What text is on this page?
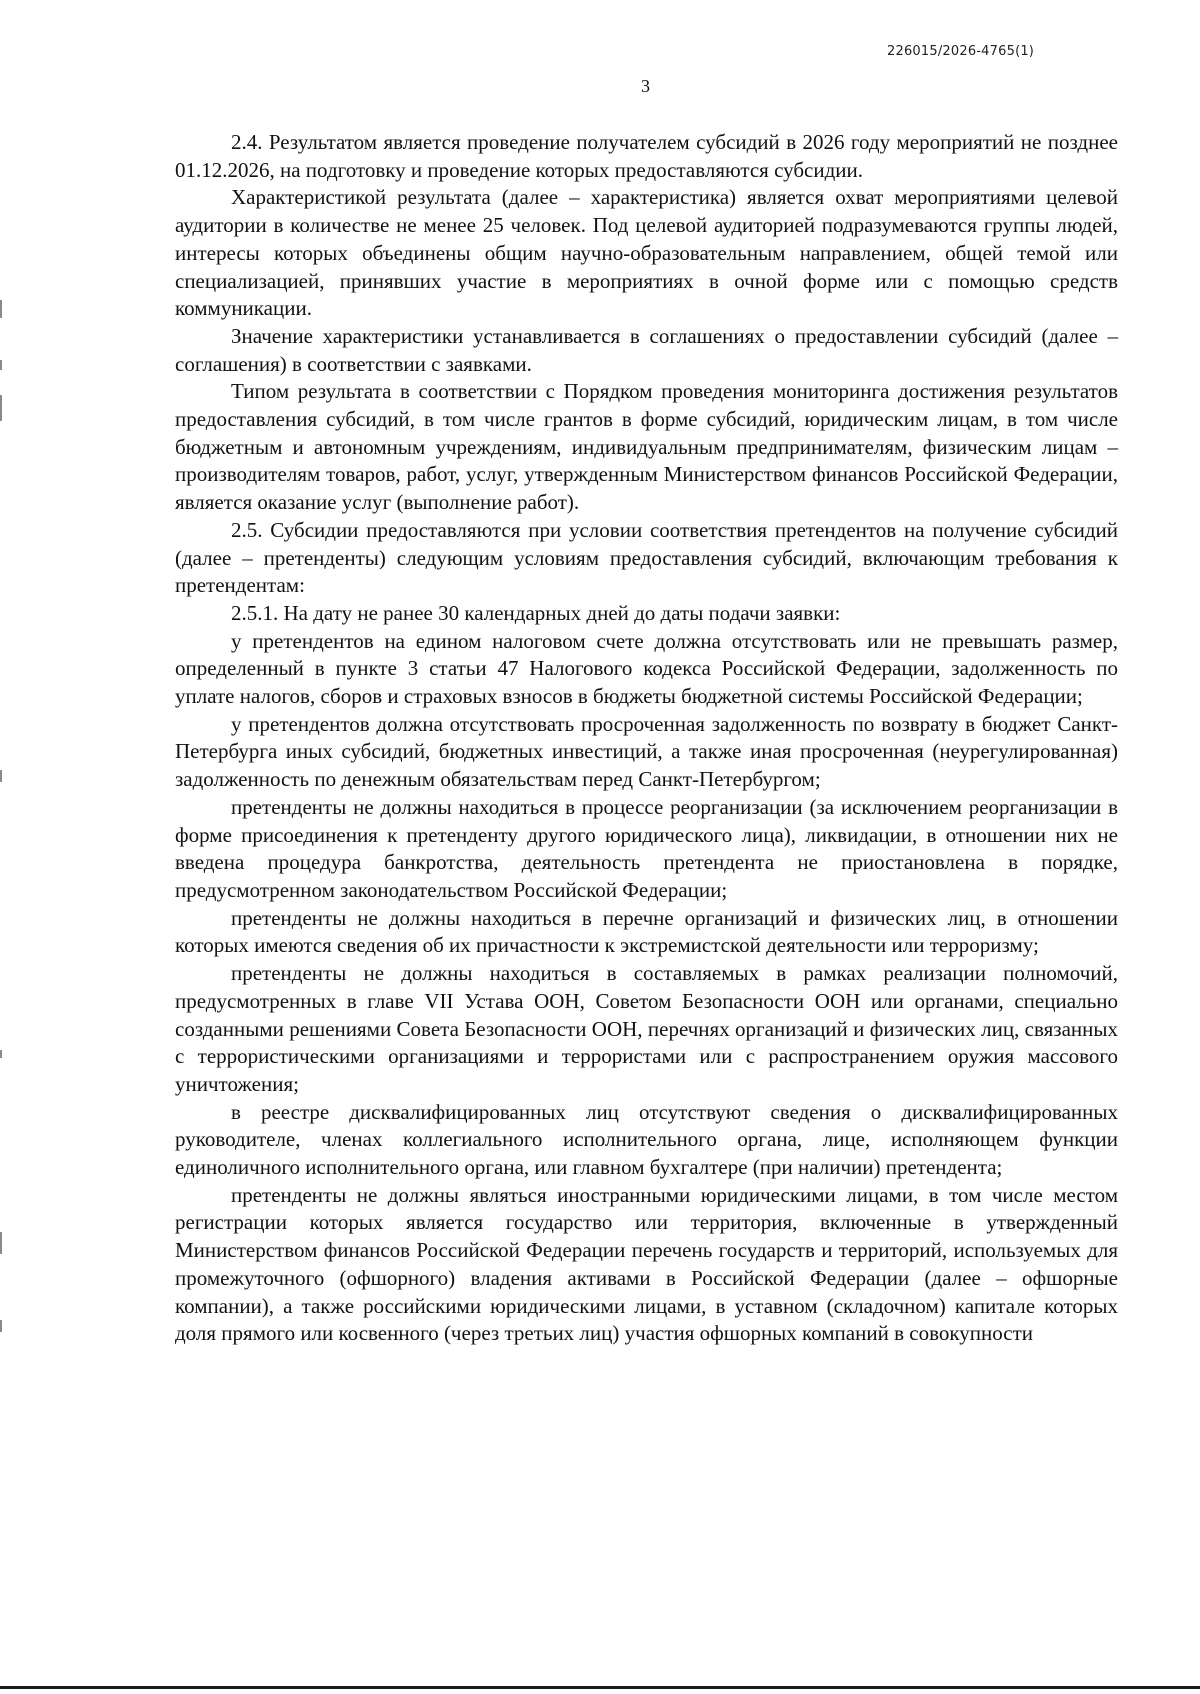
226015/2026-4765(1)
3

2.4. Результатом является проведение получателем субсидий в 2026 году мероприятий не позднее 01.12.2026, на подготовку и проведение которых предоставляются субсидии.

Характеристикой результата (далее – характеристика) является охват мероприятиями целевой аудитории в количестве не менее 25 человек. Под целевой аудиторией подразумеваются группы людей, интересы которых объединены общим научно-образовательным направлением, общей темой или специализацией, принявших участие в мероприятиях в очной форме или с помощью средств коммуникации.

Значение характеристики устанавливается в соглашениях о предоставлении субсидий (далее – соглашения) в соответствии с заявками.

Типом результата в соответствии с Порядком проведения мониторинга достижения результатов предоставления субсидий, в том числе грантов в форме субсидий, юридическим лицам, в том числе бюджетным и автономным учреждениям, индивидуальным предпринимателям, физическим лицам – производителям товаров, работ, услуг, утвержденным Министерством финансов Российской Федерации, является оказание услуг (выполнение работ).

2.5. Субсидии предоставляются при условии соответствия претендентов на получение субсидий (далее – претенденты) следующим условиям предоставления субсидий, включающим требования к претендентам:

2.5.1. На дату не ранее 30 календарных дней до даты подачи заявки:

у претендентов на едином налоговом счете должна отсутствовать или не превышать размер, определенный в пункте 3 статьи 47 Налогового кодекса Российской Федерации, задолженность по уплате налогов, сборов и страховых взносов в бюджеты бюджетной системы Российской Федерации;

у претендентов должна отсутствовать просроченная задолженность по возврату в бюджет Санкт-Петербурга иных субсидий, бюджетных инвестиций, а также иная просроченная (неурегулированная) задолженность по денежным обязательствам перед Санкт-Петербургом;

претенденты не должны находиться в процессе реорганизации (за исключением реорганизации в форме присоединения к претенденту другого юридического лица), ликвидации, в отношении них не введена процедура банкротства, деятельность претендента не приостановлена в порядке, предусмотренном законодательством Российской Федерации;

претенденты не должны находиться в перечне организаций и физических лиц, в отношении которых имеются сведения об их причастности к экстремистской деятельности или терроризму;

претенденты не должны находиться в составляемых в рамках реализации полномочий, предусмотренных в главе VII Устава ООН, Советом Безопасности ООН или органами, специально созданными решениями Совета Безопасности ООН, перечнях организаций и физических лиц, связанных с террористическими организациями и террористами или с распространением оружия массового уничтожения;

в реестре дисквалифицированных лиц отсутствуют сведения о дисквалифицированных руководителе, членах коллегиального исполнительного органа, лице, исполняющем функции единоличного исполнительного органа, или главном бухгалтере (при наличии) претендента;

претенденты не должны являться иностранными юридическими лицами, в том числе местом регистрации которых является государство или территория, включенные в утвержденный Министерством финансов Российской Федерации перечень государств и территорий, используемых для промежуточного (офшорного) владения активами в Российской Федерации (далее – офшорные компании), а также российскими юридическими лицами, в уставном (складочном) капитале которых доля прямого или косвенного (через третьих лиц) участия офшорных компаний в совокупности
